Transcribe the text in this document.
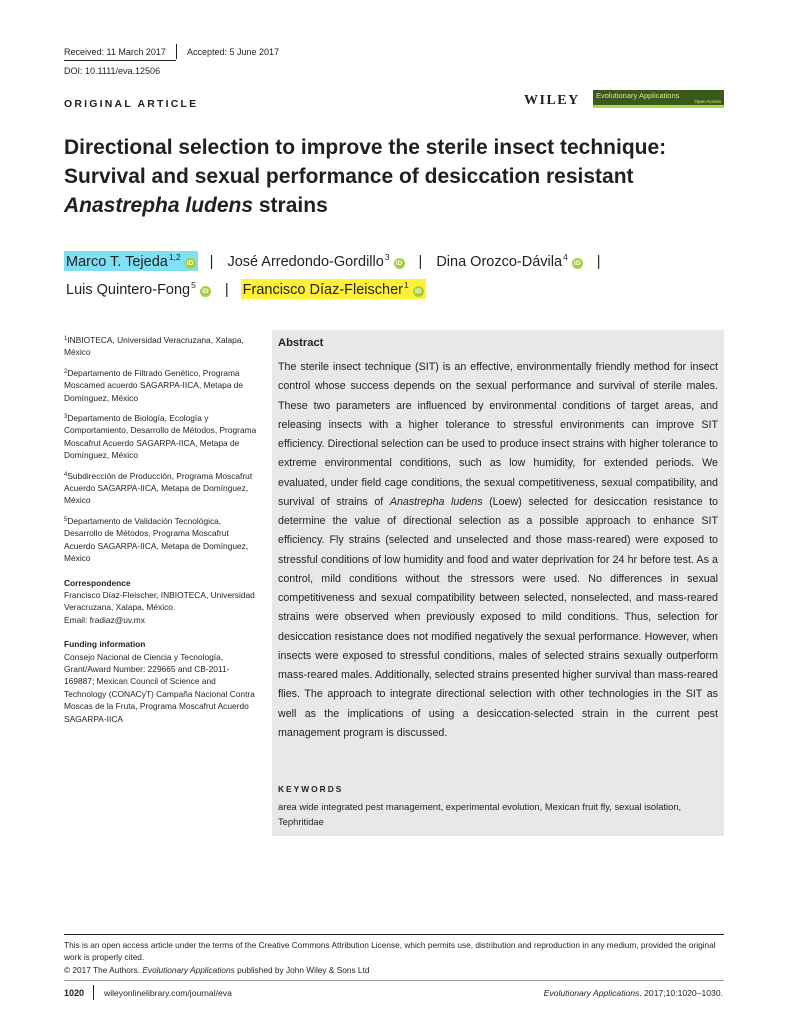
Received: 11 March 2017 Accepted: 5 June 2017
DOI: 10.1111/eva.12506
ORIGINAL ARTICLE	WILEY Evolutionary Applications
Open Access
Directional selection to improve the sterile insect technique:
Survival and sexual performance of desiccation resistant
Anastrepha ludens strains
Marco T. Tejeda$^{1,2}$iD | José Arredondo-Gordillo$^3$iD | Dina Orozco-Dávila$^4$iD |
Luis Quintero-Fong$^5$iD | Francisco Díaz-Fleischer$^1$iD
$^1$INBIOTECA, Universidad Veracruzana, Xalapa, México
$^2$Departamento de Filtrado Genético, Programa Moscamed acuerdo SAGARPA-IICA, Metapa de Domínguez, México
$^3$Departamento de Biología, Ecología y Comportamiento, Desarrollo de Métodos, Programa Moscafrut Acuerdo SAGARPA-IICA, Metapa de Domínguez, México
$^4$Subdirección de Producción, Programa Moscafrut Acuerdo SAGARPA-IICA, Metapa de Domínguez, México
$^5$Departamento de Validación Tecnológica, Desarrollo de Métodos, Programa Moscafrut Acuerdo SAGARPA-IICA, Metapa de Domínguez, México
Correspondence
Francisco Díaz-Fleischer, INBIOTECA, Universidad Veracruzana, Xalapa, México.
Email: fradiaz@uv.mx
Funding information
Consejo Nacional de Ciencia y Tecnología, Grant/Award Number: 229665 and CB-2011-169887; Mexican Council of Science and Technology (CONACyT) Campaña Nacional Contra Moscas de la Fruta, Programa Moscafrut Acuerdo SAGARPA-IICA
Abstract
The sterile insect technique (SIT) is an effective, environmentally friendly method for insect control whose success depends on the sexual performance and survival of sterile males. These two parameters are influenced by environmental conditions of target areas, and releasing insects with a higher tolerance to stressful environments can improve SIT efficiency. Directional selection can be used to produce insect strains with higher tolerance to extreme environmental conditions, such as low humidity, for extended periods. We evaluated, under field cage conditions, the sexual competitiveness, sexual compatibility, and survival of strains of Anastrepha ludens (Loew) selected for desiccation resistance to determine the value of directional selection as a possible approach to enhance SIT efficiency. Fly strains (selected and unselected and those mass-reared) were exposed to stressful conditions of low humidity and food and water deprivation for 24 hr before test. As a control, mild conditions without the stressors were used. No differences in sexual competitiveness and sexual compatibility between selected, nonselected, and mass-reared strains were observed when previously exposed to mild conditions. Thus, selection for desiccation resistance does not modified negatively the sexual performance. However, when insects were exposed to stressful conditions, males of selected strains sexually outperform mass-reared males. Additionally, selected strains presented higher survival than mass-reared flies. The approach to integrate directional selection with other technologies in the SIT as well as the implications of using a desiccation-selected strain in the current pest management program is discussed.
KEYWORDS
area wide integrated pest management, experimental evolution, Mexican fruit fly, sexual isolation, Tephritidae
This is an open access article under the terms of the Creative Commons Attribution License, which permits use, distribution and reproduction in any medium, provided the original work is properly cited.
© 2017 The Authors. Evolutionary Applications published by John Wiley & Sons Ltd
1020 wileyonlinelibrary.com/journal/eva	Evolutionary Applications. 2017;10:1020–1030.
